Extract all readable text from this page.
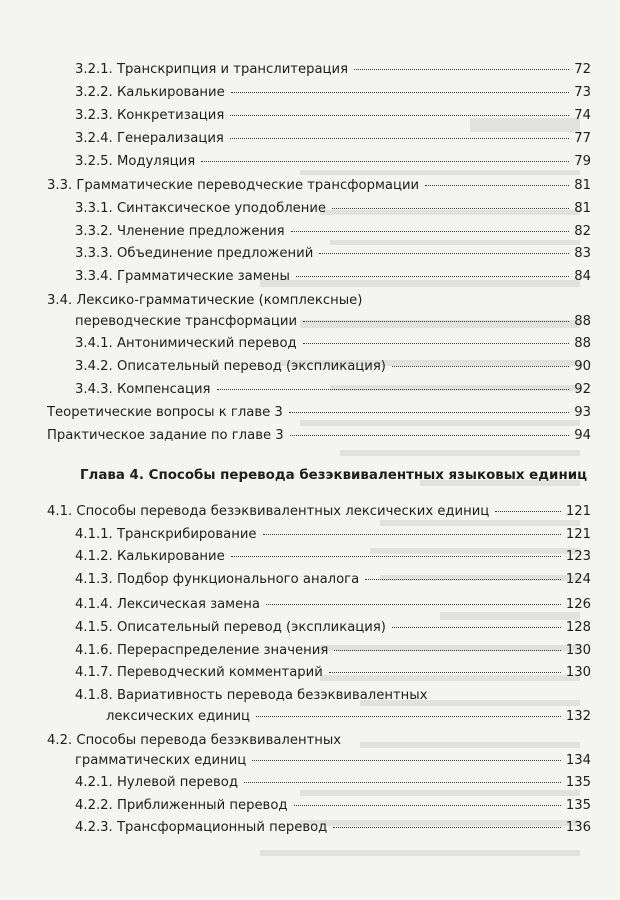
3.2.1. Транскрипция и транслитерация	72
3.2.2. Калькирование	73
3.2.3. Конкретизация	74
3.2.4. Генерализация	77
3.2.5. Модуляция	79
3.3. Грамматические переводческие трансформации	81
3.3.1. Синтаксическое уподобление	81
3.3.2. Членение предложения	82
3.3.3. Объединение предложений	83
3.3.4. Грамматические замены	84
3.4. Лексико-грамматические (комплексные)
переводческие трансформации	88
3.4.1. Антонимический перевод	88
3.4.2. Описательный перевод (экспликация)	90
3.4.3. Компенсация	92
Теоретические вопросы к главе 3	93
Практическое задание по главе 3	94
Глава 4. Способы перевода безэквивалентных языковых единиц
4.1. Способы перевода безэквивалентных лексических единиц	121
4.1.1. Транскрибирование	121
4.1.2. Калькирование	123
4.1.3. Подбор функционального аналога	124
4.1.4. Лексическая замена	126
4.1.5. Описательный перевод (экспликация)	128
4.1.6. Перераспределение значения	130
4.1.7. Переводческий комментарий	130
4.1.8. Вариативность перевода безэквивалентных
лексических единиц	132
4.2. Способы перевода безэквивалентных
грамматических единиц	134
4.2.1. Нулевой перевод	135
4.2.2. Приближенный перевод	135
4.2.3. Трансформационный перевод	136
